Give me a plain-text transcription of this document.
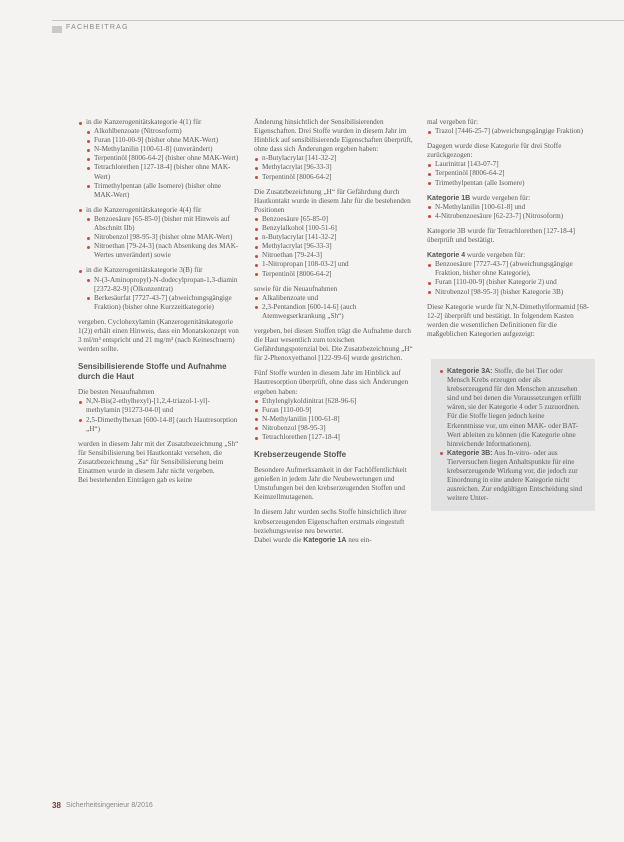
FACHBEITRAG
in die Kanzerogenitätskategorie 4(1) für
Alkohlbenzoate (Nitrosoform)
Furan [110-00-9] (bisher ohne MAK-Wert)
N-Methylanilin [100-61-8] (unverändert)
Terpentinöl [8006-64-2] (bisher ohne MAK-Wert)
Tetrachlorethen [127-18-4] (bisher ohne MAK-Wert)
Trimethylpentan (alle Isomere) (bisher ohne MAK-Wert)
in die Kanzerogenitätskategorie 4(4) für
Benzoesäure [65-85-0] (bisher mit Hinweis auf Abschnitt IIb)
Nitrobenzol [98-95-3] (bisher ohne MAK-Wert)
Nitroethan [79-24-3] (nach Absenkung des MAK-Wertes unverändert) sowie
in die Kanzerogenitätskategorie 3(B) für
N-(3-Aminopropyl)-N-dodecylpropan-1,3-diamin [2372-82-9] (Ölkonzentrat)
Berkesäurfat [7727-43-7] (abweichungsgängige Fraktion) (bisher ohne Kurzzeitkategorie)

vergeben. Cyclohexylamin (Kanzerogenitätskategorie 1(2)) erhält einen Hinweis, dass ein Monatskonzept von 3 ml/m³ entspricht und 21 mg/m³ (nach Keineschuern) werden sollte.

Sensibilisierende Stoffe und Aufnahme durch die Haut

Die besten Neuaufnahmen

N,N-Bis(2-ethylhexyl)-[1,2,4-triazol-1-yl]-methylamin [91273-04-0] und
2,5-Dimethylhexan [600-14-8] (auch Hautresorption „H“)

wurden in diesem Jahr mit der Zusatzbezeichnung „Sh“ für Sensibilisierung bei Hautkontakt versehen, die Zusatzbezeichnung „Sa“ für Sensibilisierung beim Einatmen wurde in diesem Jahr nicht vergeben.

Bei bestehenden Einträgen gab es keine

Änderung hinsichtlich der Sensibilisierenden Eigenschaften. Drei Stoffe wurden in diesem Jahr im Hinblick auf sensibilisierende Eigenschaften überprüft, ohne dass sich Änderungen ergeben haben:

n-Butylacrylat [141-32-2]
Methylacrylat [96-33-3]
Terpentinöl [8006-64-2]

Die Zusatzbezeichnung „H“ für Gefährdung durch Hautkontakt wurde in diesem Jahr für die bestehenden Positionen

Benzoesäure [65-85-0]
Benzylalkohol [100-51-6]
n-Butylacrylat [141-32-2]
Methylacrylat [96-33-3]
Nitroethan [79-24-3]
1-Nitropropan [108-03-2] und
Terpentinöl [8006-64-2]

sowie für die Neuaufnahmen

Alkalibenzoate und
2,3-Pentandion [600-14-6] (auch Atemwegserkrankung „Sh“)

vergeben, bei diesen Stoffen trägt die Aufnahme durch die Haut wesentlich zum toxischen Gefährdungspotenzial bei. Die Zusatzbezeichnung „H“ für 2-Phenoxyethanol [122-99-6] wurde gestrichen.

Fünf Stoffe wurden in diesem Jahr im Hinblick auf Hautresorption überprüft, ohne dass sich Änderungen ergeben haben:

Ethylenglykoldinitrat [628-96-6]
Furan [110-00-9]
N-Methylanilin [100-61-8]
Nitrobenzol [98-95-3]
Tetrachlorethen [127-18-4]
Krebserzeugende Stoffe

Besondere Aufmerksamkeit in der Fachöffentlichkeit genießen in jedem Jahr die Neubewertungen und Umstufungen bei den krebserzeugenden Stoffen und Keimzellmutagenen.

In diesem Jahr wurden sechs Stoffe hinsichtlich ihrer krebserzeugenden Eigenschaften erstmals eingestuft beziehungsweise neu bewertet.

Dabei wurde die Kategorie 1A neu ein-

mal vergeben für:

Trazol [7446-25-7] (abweichungsgängige Fraktion)

Dagegen wurde diese Kategorie für drei Stoffe zurückgezogen:

Laurinitrat [143-07-7]
Terpentinöl [8006-64-2]
Trimethylpentan (alle Isomere)

Kategorie 1B wurde vergeben für:

N-Methylanilin [100-61-8] und
4-Nitrobenzoesäure [62-23-7] (Nitrosoform)

Kategorie 3B wurde für Tetrachlorethen [127-18-4] überprüft und bestätigt.

Kategorie 4 wurde vergeben für:

Benzoesäure [7727-43-7] (abweichungsgängige Fraktion, bisher ohne Kategorie),
Furan [110-00-9] (bisher Kategorie 2) und
Nitrobenzol [98-95-3] (bisher Kategorie 3B)

Diese Kategorie wurde für N,N-Dimethylformamid [68-12-2] überprüft und bestätigt. In folgendem Kasten werden die wesentlichen Definitionen für die maßgeblichen Kategorien aufgezeigt:

Kategorie 3A: Stoffe, die bei Tier oder Mensch Krebs erzeugen oder als krebserzeugend für den Menschen anzusehen sind und bei denen die Voraussetzungen erfüllt wären, sie der Kategorie 4 oder 5 zuzuordnen. Für die Stoffe liegen jedoch keine Erkenntnisse vor, um einen MAK- oder BAT-Wert ableiten zu können (die Kategorie ohne hinreichende Informationen).
Kategorie 3B: Aus In-vitro- oder aus Tierversuchen liegen Anhaltspunkte für eine krebserzeugende Wirkung vor, die jedoch zur Einordnung in eine andere Kategorie nicht ausreichen. Zur endgültigen Entscheidung sind weitere Unter-
38 Sicherheitsingenieur 8/2016
